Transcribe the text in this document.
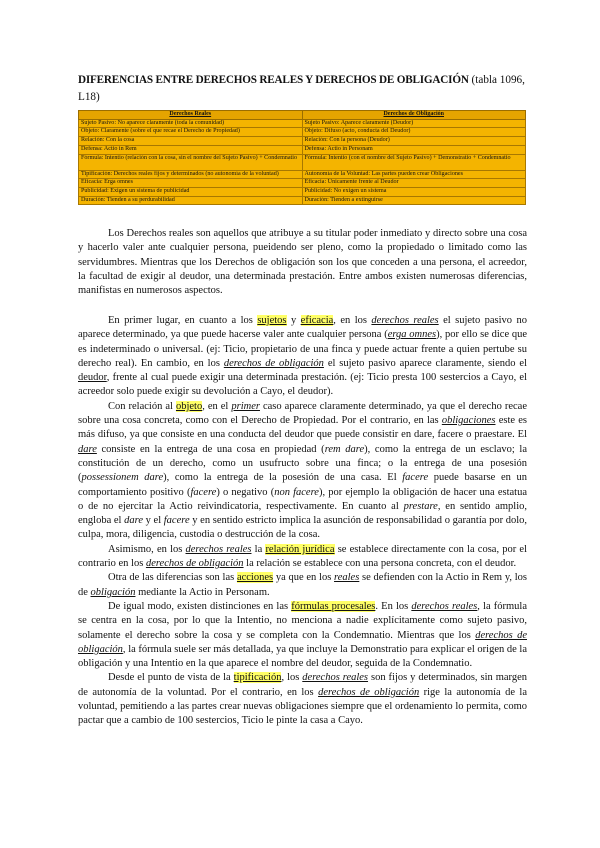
DIFERENCIAS ENTRE DERECHOS REALES Y DERECHOS DE OBLIGACIÓN (tabla 1096, L18)
Derechos Reales	Derechos de Obligación
Sujeto Pasivo: No aparece claramente (toda la comunidad)	Sujeto Pasivo: Aparece claramente (Deudor)
Objeto: Claramente (sobre el que recae el Derecho de Propiedad)	Objeto: Difuso (acto, conducta del Deudor)
Relación: Con la cosa	Relación: Con la persona (Deudor)
Defensa: Actio in Rem	Defensa: Actio in Personam
Fórmula: Intentio (relación con la cosa, sin el nombre del Sujeto Pasivo) + Condemnatio	Fórmula: Intentio (con el nombre del Sujeto Pasivo) + Demonstratio + Condemnatio
Tipificación: Derechos reales fijos y determinados (no autonomía de la voluntad)	Autonomía de la Voluntad: Las partes pueden crear Obligaciones
Eficacia: Erga omnes	Eficacia: Únicamente frente al Deudor
Publicidad: Exigen un sistema de publicidad	Publicidad: No exigen un sistema
Duración: Tienden a su perdurabilidad	Duración: Tienden a extinguirse

Los Derechos reales son aquellos que atribuye a su titular poder inmediato y directo sobre una cosa y hacerlo valer ante cualquier persona, pueidendo ser pleno, como la propiedado o limitado como las servidumbres. Mientras que los Derechos de obligación son los que conceden a una persona, el acreedor, la facultad de exigir al deudor, una determinada prestación. Entre ambos existen numerosas diferencias, manifistas en numerosos aspectos.

En primer lugar, en cuanto a los sujetos y eficacia, en los derechos reales el sujeto pasivo no aparece determinado, ya que puede hacerse valer ante cualquier persona (erga omnes), por ello se dice que es indeterminado o universal. (ej: Ticio, propietario de una finca y puede actuar frente a quien pertube su derecho real). En cambio, en los derechos de obligación el sujeto pasivo aparece claramente, siendo el deudor, frente al cual puede exigir una determinada prestación. (ej: Ticio presta 100 sestercios a Cayo, el acreedor solo puede exigir su devolución a Cayo, el deudor).

Con relación al objeto, en el primer caso aparece claramente determinado, ya que el derecho recae sobre una cosa concreta, como con el Derecho de Propiedad. Por el contrario, en las obligaciones este es más difuso, ya que consiste en una conducta del deudor que puede consistir en dare, facere o praestare. El dare consiste en la entrega de una cosa en propiedad (rem dare), como la entrega de un esclavo; la constitución de un derecho, como un usufructo sobre una finca; o la entrega de una posesión (possessionem dare), como la entrega de la posesión de una casa. El facere puede basarse en un comportamiento positivo (facere) o negativo (non facere), por ejemplo la obligación de hacer una estatua o de no ejercitar la Actio reivindicatoria, respectivamente. En cuanto al prestare, en sentido amplio, engloba el dare y el facere y en sentido estricto implica la asunción de responsabilidad o garantía por dolo, culpa, mora, diligencia, custodia o destrucción de la cosa.

Asimismo, en los derechos reales la relación jurídica se establece directamente con la cosa, por el contrario en los derechos de obligación la relación se establece con una persona concreta, con el deudor.

Otra de las diferencias son las acciones ya que en los reales se defienden con la Actio in Rem y, los de obligación mediante la Actio in Personam.

De igual modo, existen distinciones en las fórmulas procesales. En los derechos reales, la fórmula se centra en la cosa, por lo que la Intentio, no menciona a nadie explícitamente como sujeto pasivo, solamente el derecho sobre la cosa y se completa con la Condemnatio. Mientras que los derechos de obligación, la fórmula suele ser más detallada, ya que incluye la Demonstratio para explicar el origen de la obligación y una Intentio en la que aparece el nombre del deudor, seguida de la Condemnatio.

Desde el punto de vista de la tipificación, los derechos reales son fijos y determinados, sin margen de autonomía de la voluntad. Por el contrario, en los derechos de obligación rige la autonomía de la voluntad, pemitiendo a las partes crear nuevas obligaciones siempre que el ordenamiento lo permita, como pactar que a cambio de 100 sestercios, Ticio le pinte la casa a Cayo.
